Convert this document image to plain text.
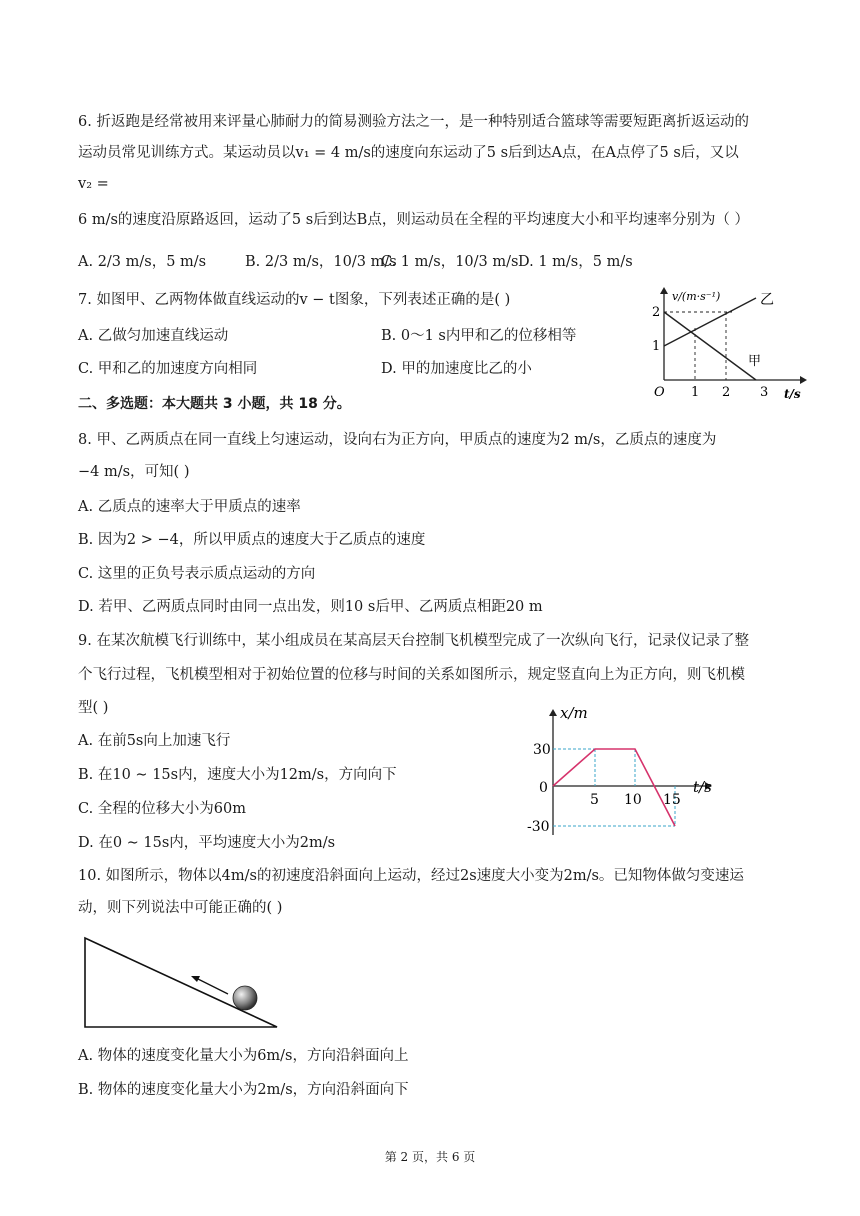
6. 折返跑是经常被用来评量心肺耐力的简易测验方法之一，是一种特别适合篮球等需要短距离折返运动的
运动员常见训练方式。某运动员以v₁ = 4 m/s的速度向东运动了5 s后到达A点，在A点停了5 s后，又以
v₂ =
6 m/s的速度沿原路返回，运动了5 s后到达B点，则运动员在全程的平均速度大小和平均速率分别为（ ）
A. 2/3 m/s，5 m/s	B. 2/3 m/s，10/3 m/s
C. 1 m/s，10/3 m/s D. 1 m/s，5 m/s
7. 如图甲、乙两物体做直线运动的v − t图象，下列表述正确的是( )
A. 乙做匀加速直线运动	B. 0～1 s内甲和乙的位移相等
C. 甲和乙的加速度方向相同	D. 甲的加速度比乙的小
v/(m·s⁻¹)	乙
甲
2
1
O 1 2 3 t/s
二、多选题：本大题共 3 小题，共 18 分。
8. 甲、乙两质点在同一直线上匀速运动，设向右为正方向，甲质点的速度为2 m/s，乙质点的速度为
−4 m/s，可知( )
A. 乙质点的速率大于甲质点的速率
B. 因为2 > −4，所以甲质点的速度大于乙质点的速度
C. 这里的正负号表示质点运动的方向
D. 若甲、乙两质点同时由同一点出发，则10 s后甲、乙两质点相距20 m
9. 在某次航模飞行训练中，某小组成员在某高层天台控制飞机模型完成了一次纵向飞行，记录仪记录了整
个飞行过程，飞机模型相对于初始位置的位移与时间的关系如图所示，规定竖直向上为正方向，则飞机模
型( )
A. 在前5s向上加速飞行
B. 在10 ∼ 15s内，速度大小为12m/s，方向向下
C. 全程的位移大小为60m
D. 在0 ∼ 15s内，平均速度大小为2m/s
x/m
30
0
-30
5 10 15
t/s
10. 如图所示，物体以4m/s的初速度沿斜面向上运动，经过2s速度大小变为2m/s。已知物体做匀变速运
动，则下列说法中可能正确的( )
A. 物体的速度变化量大小为6m/s，方向沿斜面向上
B. 物体的速度变化量大小为2m/s，方向沿斜面向下
第 2 页，共 6 页
